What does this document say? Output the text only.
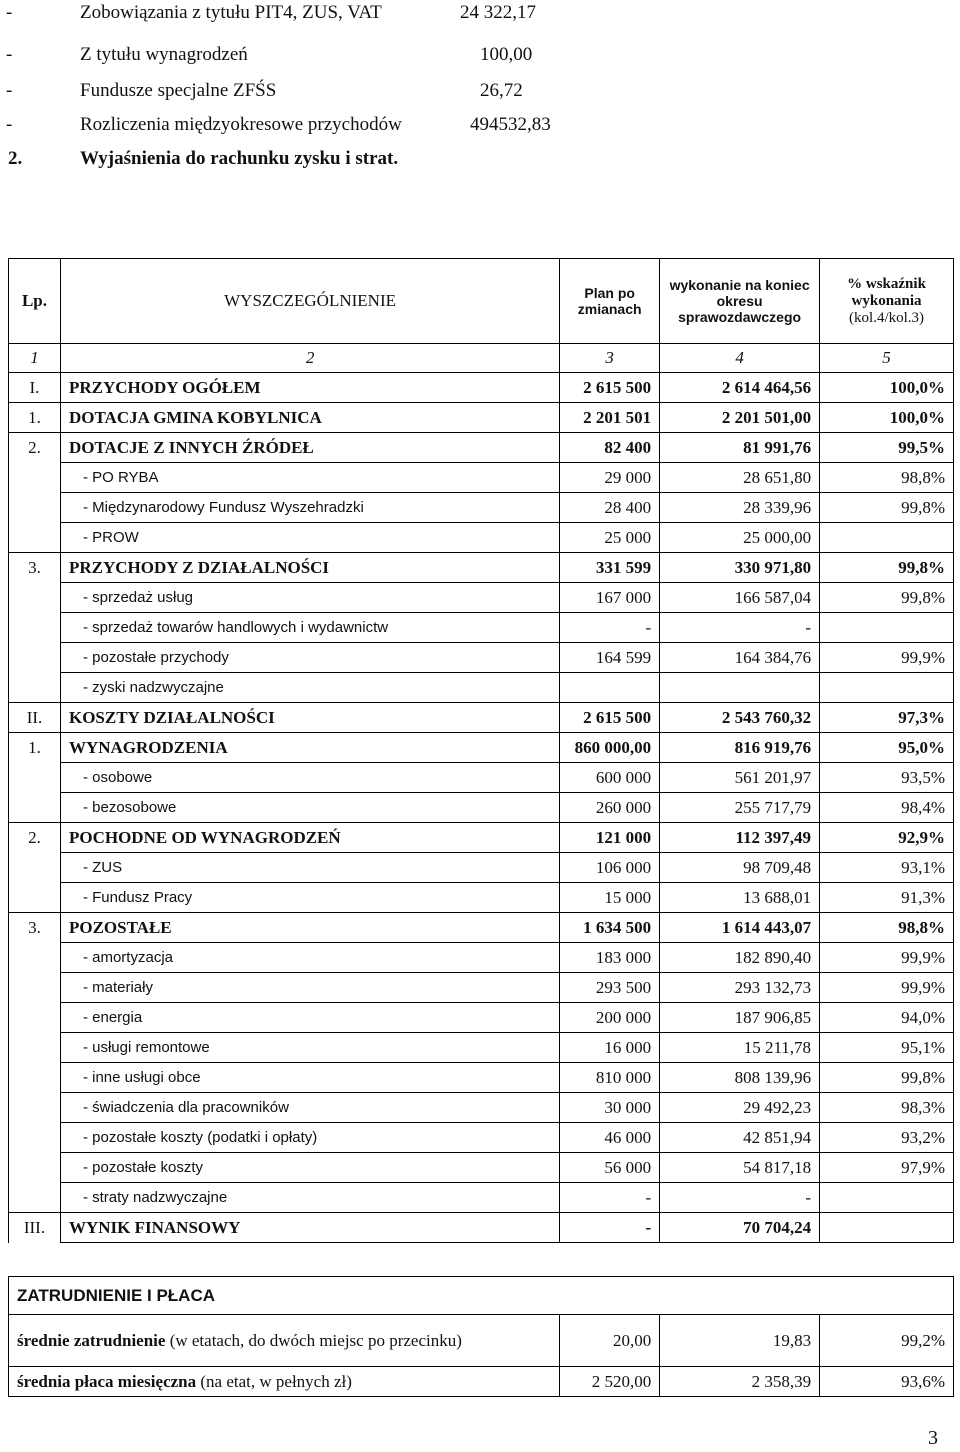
-	Zobowiązania z tytułu PIT4, ZUS, VAT	24 322,17
-	Z tytułu wynagrodzeń	100,00
-	Fundusze specjalne ZFŚS	26,72
-	Rozliczenia międzyokresowe przychodów	494532,83
2.	Wyjaśnienia do rachunku zysku i strat.
Lp.	WYSZCZEGÓLNIENIE	Plan po zmianach	wykonanie na koniec okresu sprawozdawczego	% wskaźnik wykonania
(kol.4/kol.3)

1	2	3	4	5
I.	PRZYCHODY OGÓŁEM	2 615 500	2 614 464,56	100,0%
1.	DOTACJA GMINA KOBYLNICA	2 201 501	2 201 501,00	100,0%
2.	DOTACJE Z INNYCH ŹRÓDEŁ	82 400	81 991,76	99,5%
	- PO RYBA	29 000	28 651,80	98,8%
	- Międzynarodowy Fundusz Wyszehradzki	28 400	28 339,96	99,8%
	- PROW	25 000	25 000,00	
3.	PRZYCHODY Z DZIAŁALNOŚCI	331 599	330 971,80	99,8%
	- sprzedaż usług	167 000	166 587,04	99,8%
	- sprzedaż towarów handlowych i wydawnictw	-	-	
	- pozostałe przychody	164 599	164 384,76	99,9%
	- zyski nadzwyczajne			
II.	KOSZTY DZIAŁALNOŚCI	2 615 500	2 543 760,32	97,3%
1.	WYNAGRODZENIA	860 000,00	816 919,76	95,0%
	- osobowe	600 000	561 201,97	93,5%
	- bezosobowe	260 000	255 717,79	98,4%
2.	POCHODNE OD WYNAGRODZEŃ	121 000	112 397,49	92,9%
	- ZUS	106 000	98 709,48	93,1%
	- Fundusz Pracy	15 000	13 688,01	91,3%
3.	POZOSTAŁE	1 634 500	1 614 443,07	98,8%
	- amortyzacja	183 000	182 890,40	99,9%
	- materiały	293 500	293 132,73	99,9%
	- energia	200 000	187 906,85	94,0%
	- usługi remontowe	16 000	15 211,78	95,1%
	- inne usługi obce	810 000	808 139,96	99,8%
	- świadczenia dla pracowników	30 000	29 492,23	98,3%
	- pozostałe koszty (podatki i opłaty)	46 000	42 851,94	93,2%
	- pozostałe koszty	56 000	54 817,18	97,9%
	- straty nadzwyczajne	-	-	
III.	WYNIK FINANSOWY	-	70 704,24	
ZATRUDNIENIE I PŁACA			
średnie zatrudnienie (w etatach, do dwóch miejsc po przecinku)	20,00	19,83	99,2%
średnia płaca miesięczna (na etat, w pełnych zł)	2 520,00	2 358,39	93,6%
3
